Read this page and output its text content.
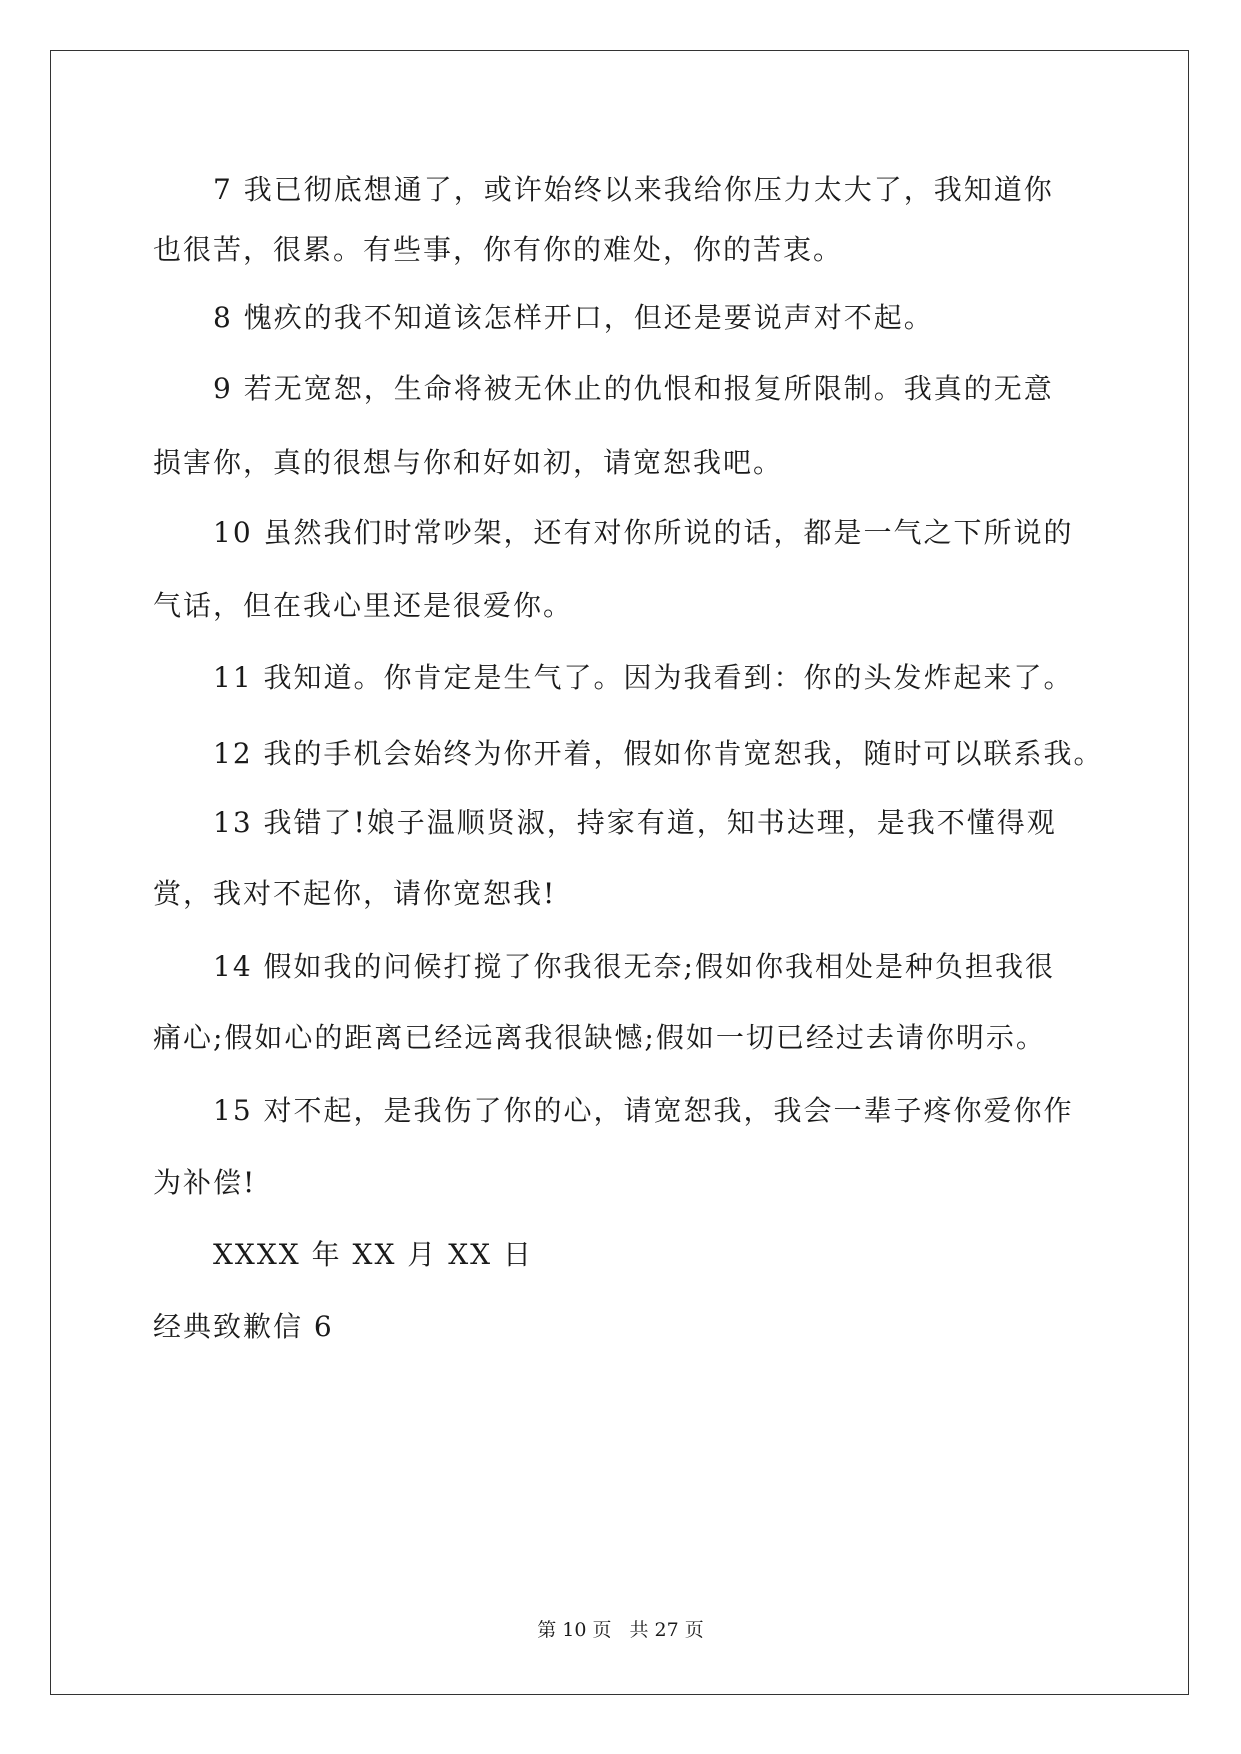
7 我已彻底想通了，或许始终以来我给你压力太大了，我知道你
也很苦，很累。有些事，你有你的难处，你的苦衷。
8 愧疚的我不知道该怎样开口，但还是要说声对不起。
9 若无宽恕，生命将被无休止的仇恨和报复所限制。我真的无意
损害你，真的很想与你和好如初，请宽恕我吧。
10 虽然我们时常吵架，还有对你所说的话，都是一气之下所说的
气话，但在我心里还是很爱你。
11 我知道。你肯定是生气了。因为我看到：你的头发炸起来了。
12 我的手机会始终为你开着，假如你肯宽恕我，随时可以联系我。
13 我错了!娘子温顺贤淑，持家有道，知书达理，是我不懂得观
赏，我对不起你，请你宽恕我!
14 假如我的问候打搅了你我很无奈;假如你我相处是种负担我很
痛心;假如心的距离已经远离我很缺憾;假如一切已经过去请你明示。
15 对不起，是我伤了你的心，请宽恕我，我会一辈子疼你爱你作
为补偿!
XXXX 年 XX 月 XX 日
经典致歉信 6
第 10 页 共 27 页
